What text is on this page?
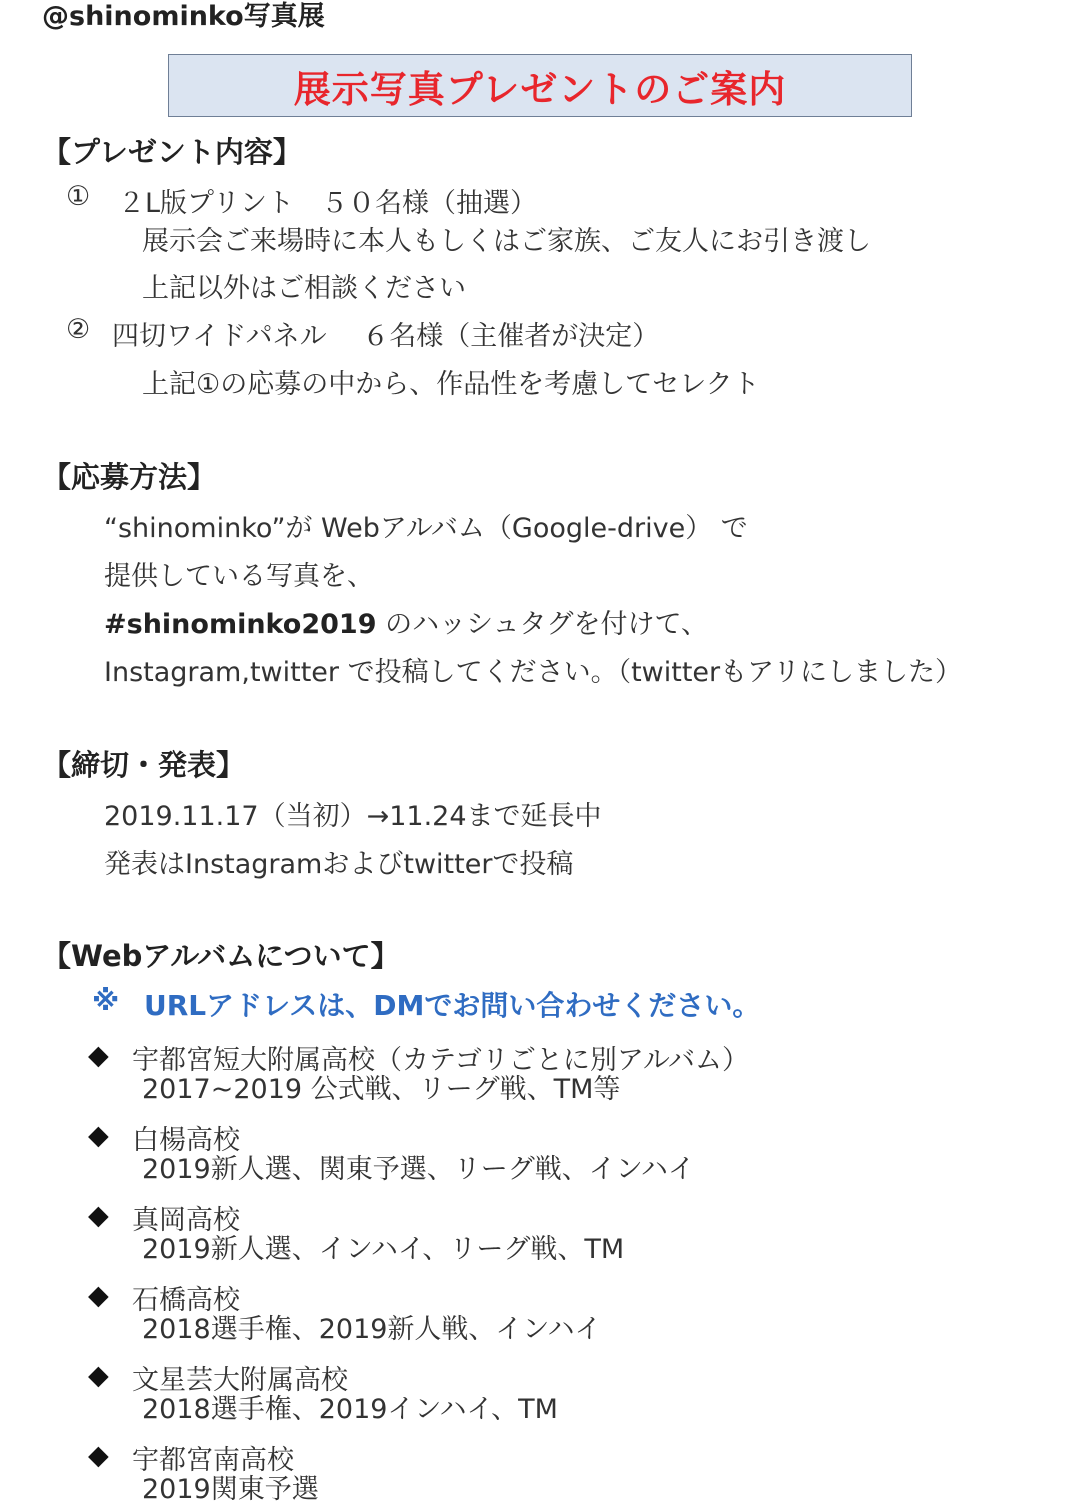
@shinominko写真展
展示写真プレゼントのご案内
【プレゼント内容】
① ２L版プリント　５０名様（抽選）
展示会ご来場時に本人もしくはご家族、ご友人にお引き渡し
上記以外はご相談ください
② 四切ワイドパネル　 ６名様（主催者が決定）
上記①の応募の中から、作品性を考慮してセレクト
【応募方法】
“shinominko”が Webアルバム（Google-drive） で
提供している写真を、
#shinominko2019 のハッシュタグを付けて、
Instagram,twitter で投稿してください。（twitterもアリにしました）
【締切・発表】
2019.11.17（当初）→11.24まで延長中
発表はInstagramおよびtwitterで投稿
【Webアルバムについて】
※ URLアドレスは、DMでお問い合わせください。
◆ 宇都宮短大附属高校（カテゴリごとに別アルバム）
2017~2019 公式戦、リーグ戦、TM等
◆ 白楊高校
2019新人選、関東予選、リーグ戦、インハイ
◆ 真岡高校
2019新人選、インハイ、リーグ戦、TM
◆ 石橋高校
2018選手権、2019新人戦、インハイ
◆ 文星芸大附属高校
2018選手権、2019インハイ、TM
◆ 宇都宮南高校
2019関東予選
